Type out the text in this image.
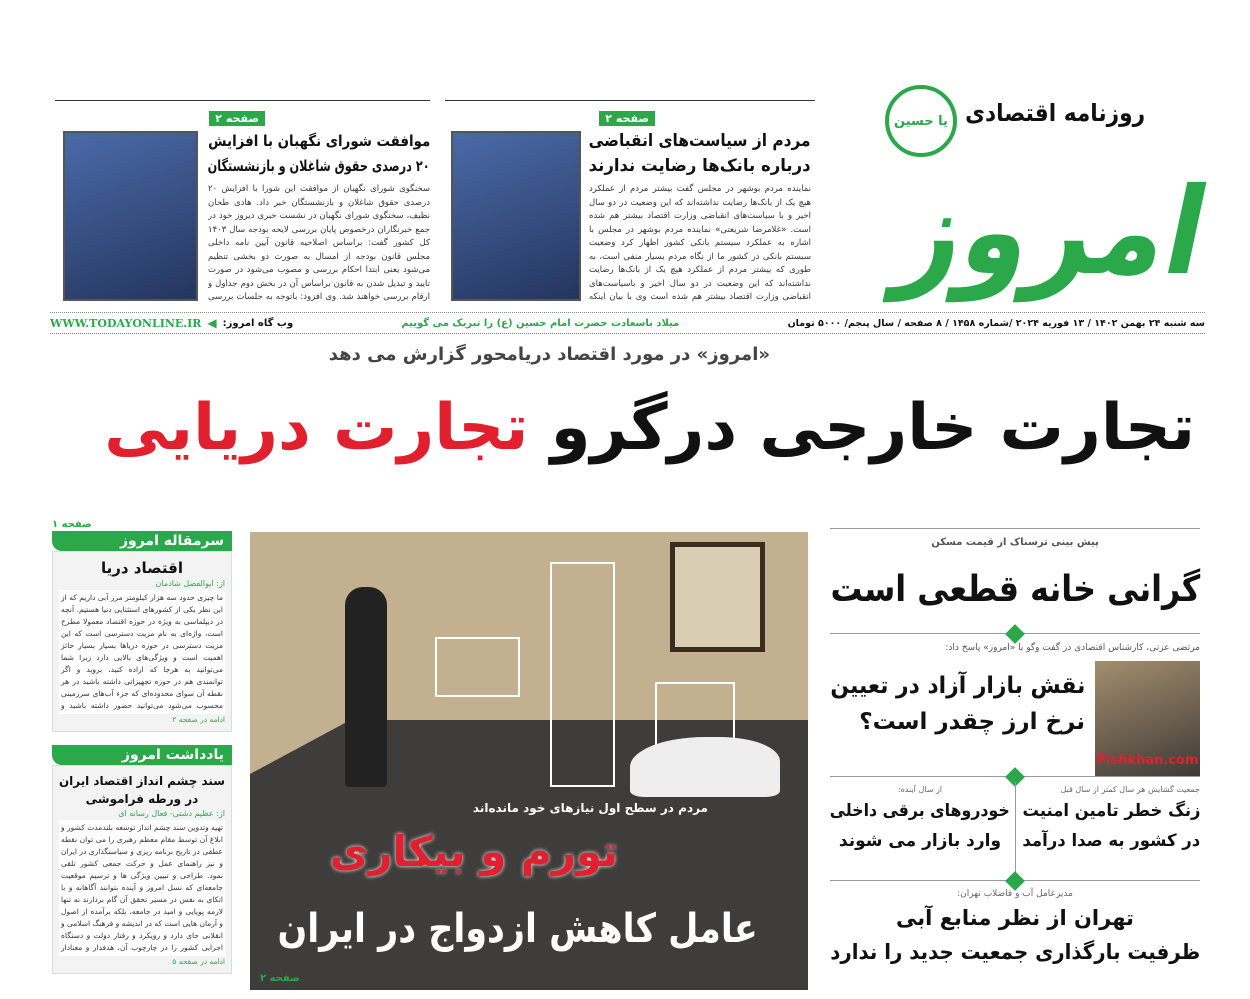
یا حسین روزنامه اقتصادی
امروز
صفحه ۲
مردم از سیاست‌های انقباضی
درباره بانک‌ها رضایت ندارند
نماینده مردم بوشهر در مجلس گفت بیشتر مردم از عملکرد هیچ یک از بانک‌ها رضایت نداشته‌اند که این وضعیت در دو سال اخیر و با سیاست‌های انقباضی وزارت اقتصاد بیشتر هم شده است. «غلامرضا شریعتی» نماینده مردم بوشهر در مجلس با اشاره به عملکرد سیستم بانکی کشور اظهار کرد وضعیت سیستم بانکی در کشور ما از نگاه مردم بسیار منفی است، به طوری که بیشتر مردم از عملکرد هیچ یک از بانک‌ها رضایت نداشته‌اند که این وضعیت در دو سال اخیر و باسیاست‌های انقباضی وزارت اقتصاد بیشتر هم شده است وی با بیان اینکه
صفحه ۲
موافقت شورای نگهبان با افزایش
۲۰ درصدی حقوق شاغلان و بازنشستگان
سخنگوی شورای نگهبان از موافقت این شورا با افزایش ۲۰ درصدی حقوق شاغلان و بازنشستگان خبر داد. هادی طحان نظیف، سخنگوی شورای نگهبان در نشست خبری دیروز خود در جمع خبرنگاران درخصوص پایان بررسی لایحه بودجه سال ۱۴۰۳ کل کشور گفت: براساس اصلاحیه قانون آیین نامه داخلی مجلس قانون بودجه از امسال به صورت دو بخشی تنظیم می‌شود یعنی ابتدا احکام بررسی و مصوب می‌شود در صورت تایید و تبدیل شدن به قانون براساس آن در بخش دوم جداول و ارقام بررسی خواهند شد. وی افزود: باتوجه به جلسات بررسی
سه شنبه ۲۴ بهمن ۱۴۰۲ / ۱۳ فوریه ۲۰۲۴ /شماره ۱۴۵۸ / ۸ صفحه / سال پنجم/ ۵۰۰۰ تومان
میلاد باسعادت حضرت امام حسین (ع) را تبریک می گوییم
وب گاه امروز:
◀
WWW.TODAYONLINE.IR
«امروز» در مورد اقتصاد دریامحور گزارش می دهد
تجارت خارجی درگرو تجارت دریایی
صفحه ۱
سرمقاله امروز
اقتصاد دریا
از: ابوالفضل شادمان
ما چیزی حدود سه هزار کیلومتر مرز آبی داریم که از این نظر یکی از کشورهای استثنایی دنیا هستیم. آنچه در دیپلماسی به ویژه در حوزه اقتصاد معمولا مطرح است، واژه‌ای به نام مزیت دسترسی است که این مزیت دسترسی در حوزه دریاها بسیار بسیار حائز اهمیت است و ویژگی‌های بالایی دارد زیرا شما می‌توانید به هرجا که اراده کنید، بروید و اگر توانمندی هم در حوزه تجهیزاتی داشته باشید در هر نقطه آن سوای محدوده‌ای که جزء آب‌های سرزمینی محسوب می‌شود می‌توانید حضور داشته باشید و
ادامه در صفحه ۲
یادداشت امروز
سند چشم انداز اقتصاد ایران
در ورطه فراموشی
از: عظیم دشتی- فعال رسانه ای
تهیه وتدوین سند چشم انداز توسعه بلندمدت کشور و ابلاغ آن توسط مقام معظم رهبری را می توان نقطه عطفی در تاریخ برنامه ریزی و سیاستگذاری در ایران و نیز راهنمای عمل و حرکت جمعی کشور تلقی نمود. طراحی و تبیین ویژگی ها و ترسیم موقعیت جامعه‌ای که نسل امروز و آینده بتوانند آگاهانه و با اتکای به نفس در مسیر تحقق آن گام بردارند نه تنها لازمه پویایی و امید در جامعه، بلکه برآمده از اصول و آرمان هایی است که در اندیشه و فرهنگ اسلامی و انقلابی جای دارد و رویکرد و رفتار دولت و دستگاه اجرایی کشور را در چارچوب آن، هدفدار و معنادار
ادامه در صفحه ۵
مردم در سطح اول نیازهای خود مانده‌اند
تورم و بیکاری
عامل کاهش ازدواج در ایران
صفحه ۲
پیش بینی ترسناک از قیمت مسکن
گرانی خانه قطعی است
مرتضی عزتی، کارشناس اقتصادی در گفت وگو با «امروز» پاسخ داد:
Pishkhan.com
نقش بازار آزاد در تعیین
نرخ ارز چقدر است؟
جمعیت گشایش هر سال کمتر از سال قبل
زنگ خطر تامین امنیت
در کشور به صدا درآمد
از سال آینده:
خودروهای برقی داخلی
وارد بازار می شوند
مدیرعامل آب و فاضلاب تهران:
تهران از نظر منابع آبی
ظرفیت بارگذاری جمعیت جدید را ندارد
